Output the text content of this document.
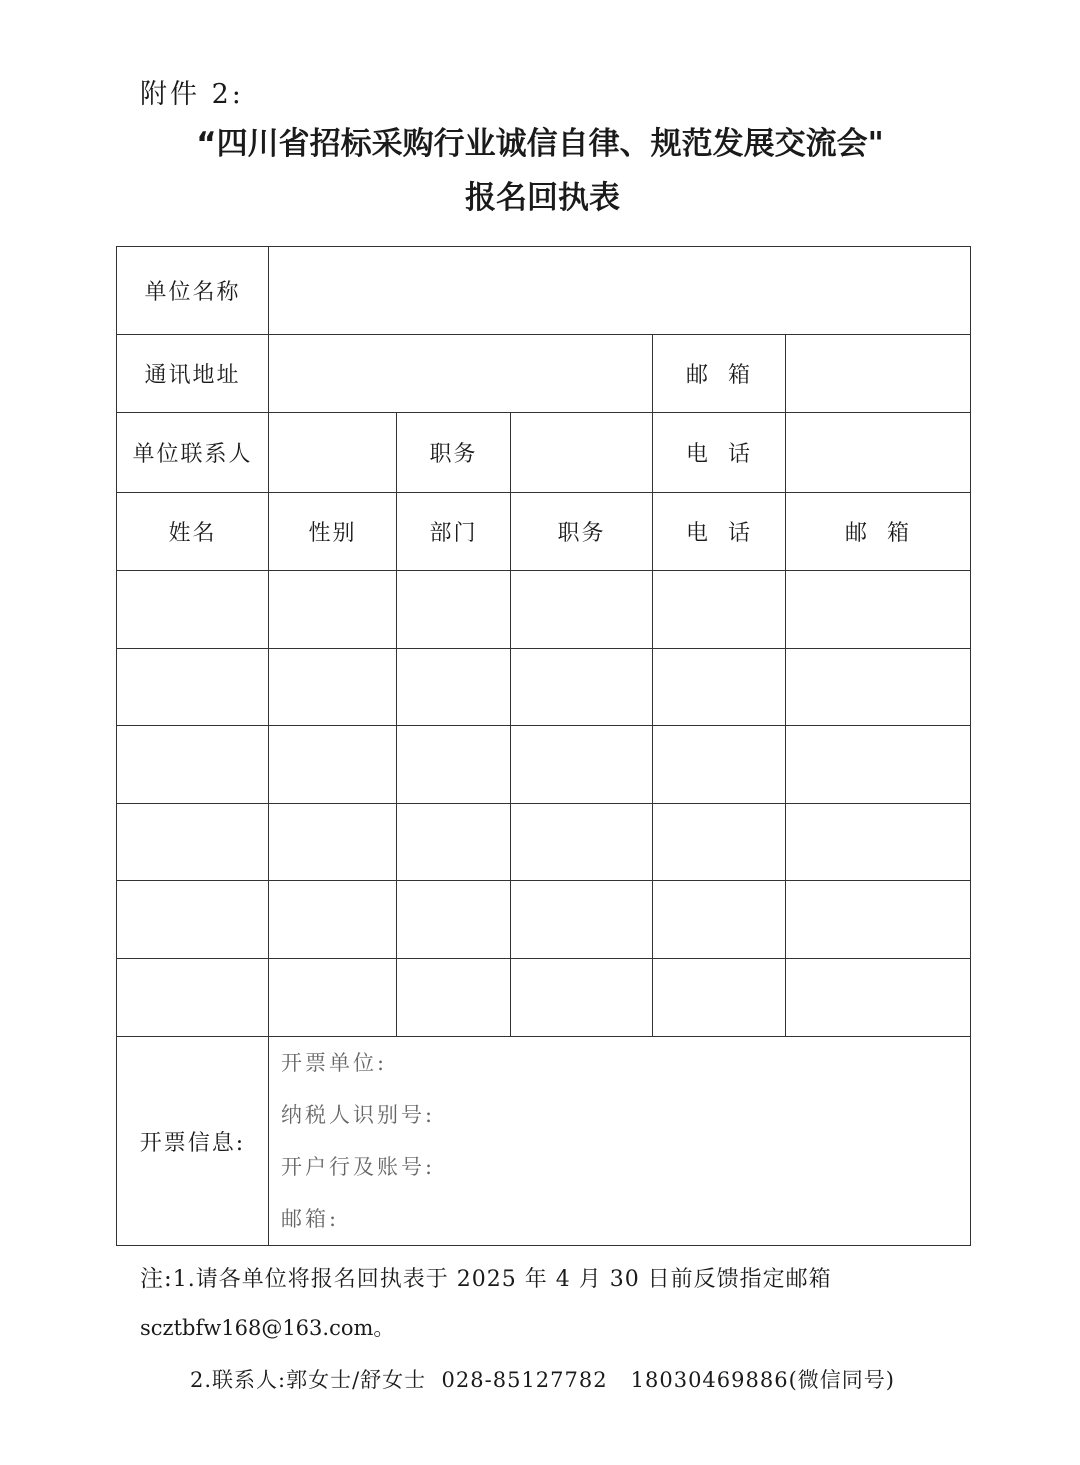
附件 2:
“四川省招标采购行业诚信自律、规范发展交流会"
报名回执表
单位名称					
通讯地址				邮  箱	
单位联系人		职务		电  话	
姓名	性别	部门	职务	电  话	邮  箱

开票信息:	开票单位:
纳税人识别号:
开户行及账号:
邮箱:				
注:1.请各单位将报名回执表于 2025 年 4 月 30 日前反馈指定邮箱
scztbfw168@163.com。
2.联系人:郭女士/舒女士  028-85127782   18030469886(微信同号)
